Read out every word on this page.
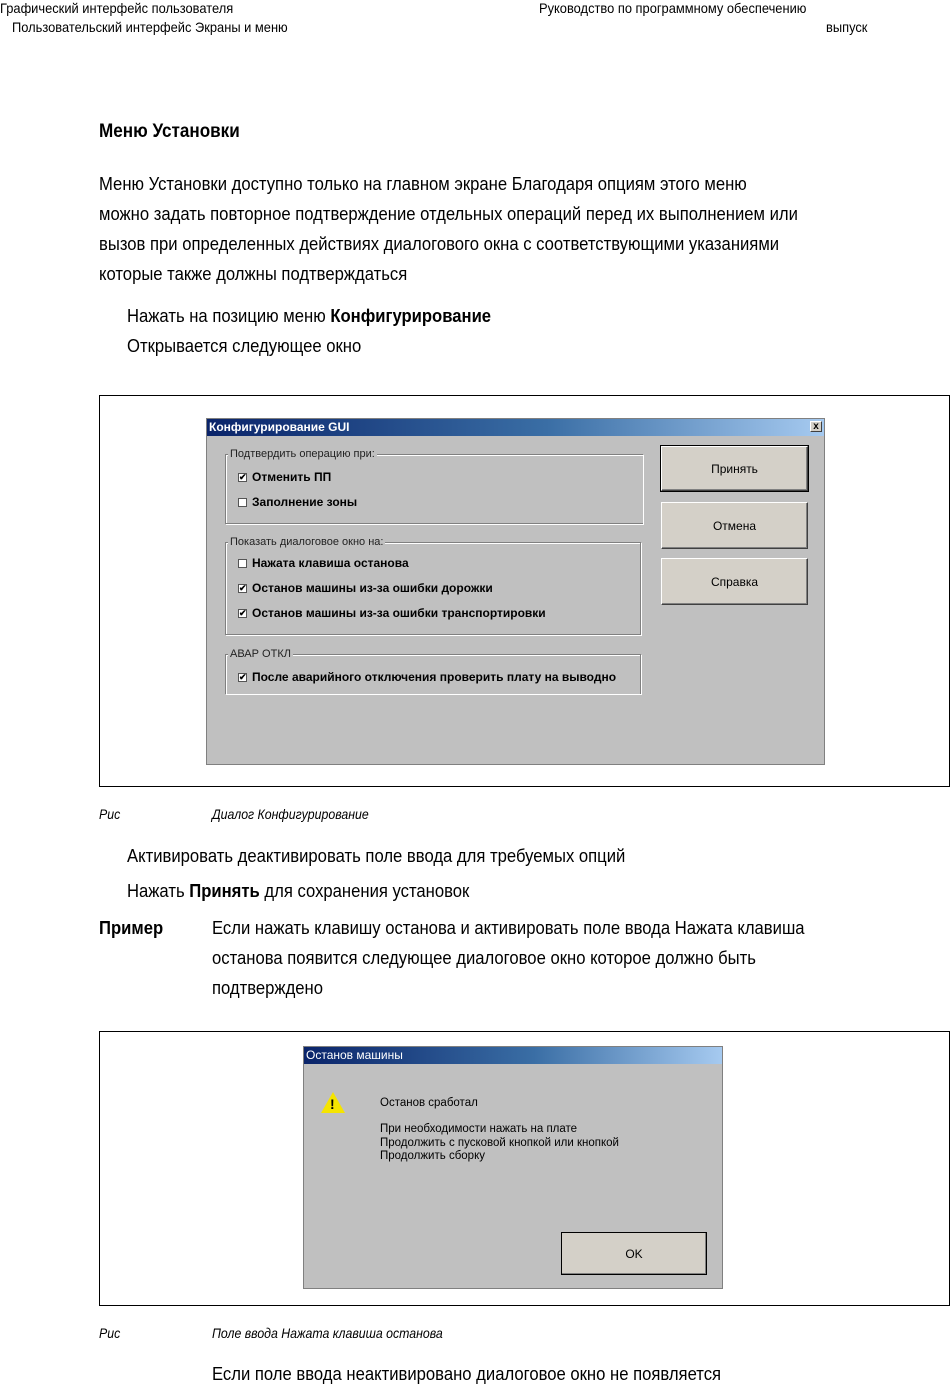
Графический интерфейс пользователя
Пользовательский интерфейс Экраны и меню
Руководство по программному обеспечению
выпуск
Меню Установки
Меню Установки доступно только на главном экране Благодаря опциям этого меню
можно задать повторное подтверждение отдельных операций перед их выполнением или
вызов при определенных действиях диалогового окна с соответствующими указаниями
которые также должны подтверждаться
Нажать на позицию меню Конфигурирование
Открывается следующее окно
Конфигурирование GUI	x
Подтвердить операцию при:
✔ Отменить ПП
Заполнение зоны
Показать диалоговое окно на:
Нажата клавиша останова
✔ Останов машины из-за ошибки дорожки
✔ Останов машины из-за ошибки транспортировки
АВАР ОТКЛ
✔ После аварийного отключения проверить плату на выводно
Принять
Отмена
Справка
Рис	Диалог Конфигурирование
Активировать деактивировать поле ввода для требуемых опций
Нажать Принять для сохранения установок
Пример	Если нажать клавишу останова и активировать поле ввода Нажата клавиша
останова появится следующее диалоговое окно которое должно быть
подтверждено
Останов машины
!	Останов сработал
При необходимости нажать на плате
Продолжить с пусковой кнопкой или кнопкой
Продолжить сборку
OK
Рис	Поле ввода Нажата клавиша останова
Если поле ввода неактивировано диалоговое окно не появляется
